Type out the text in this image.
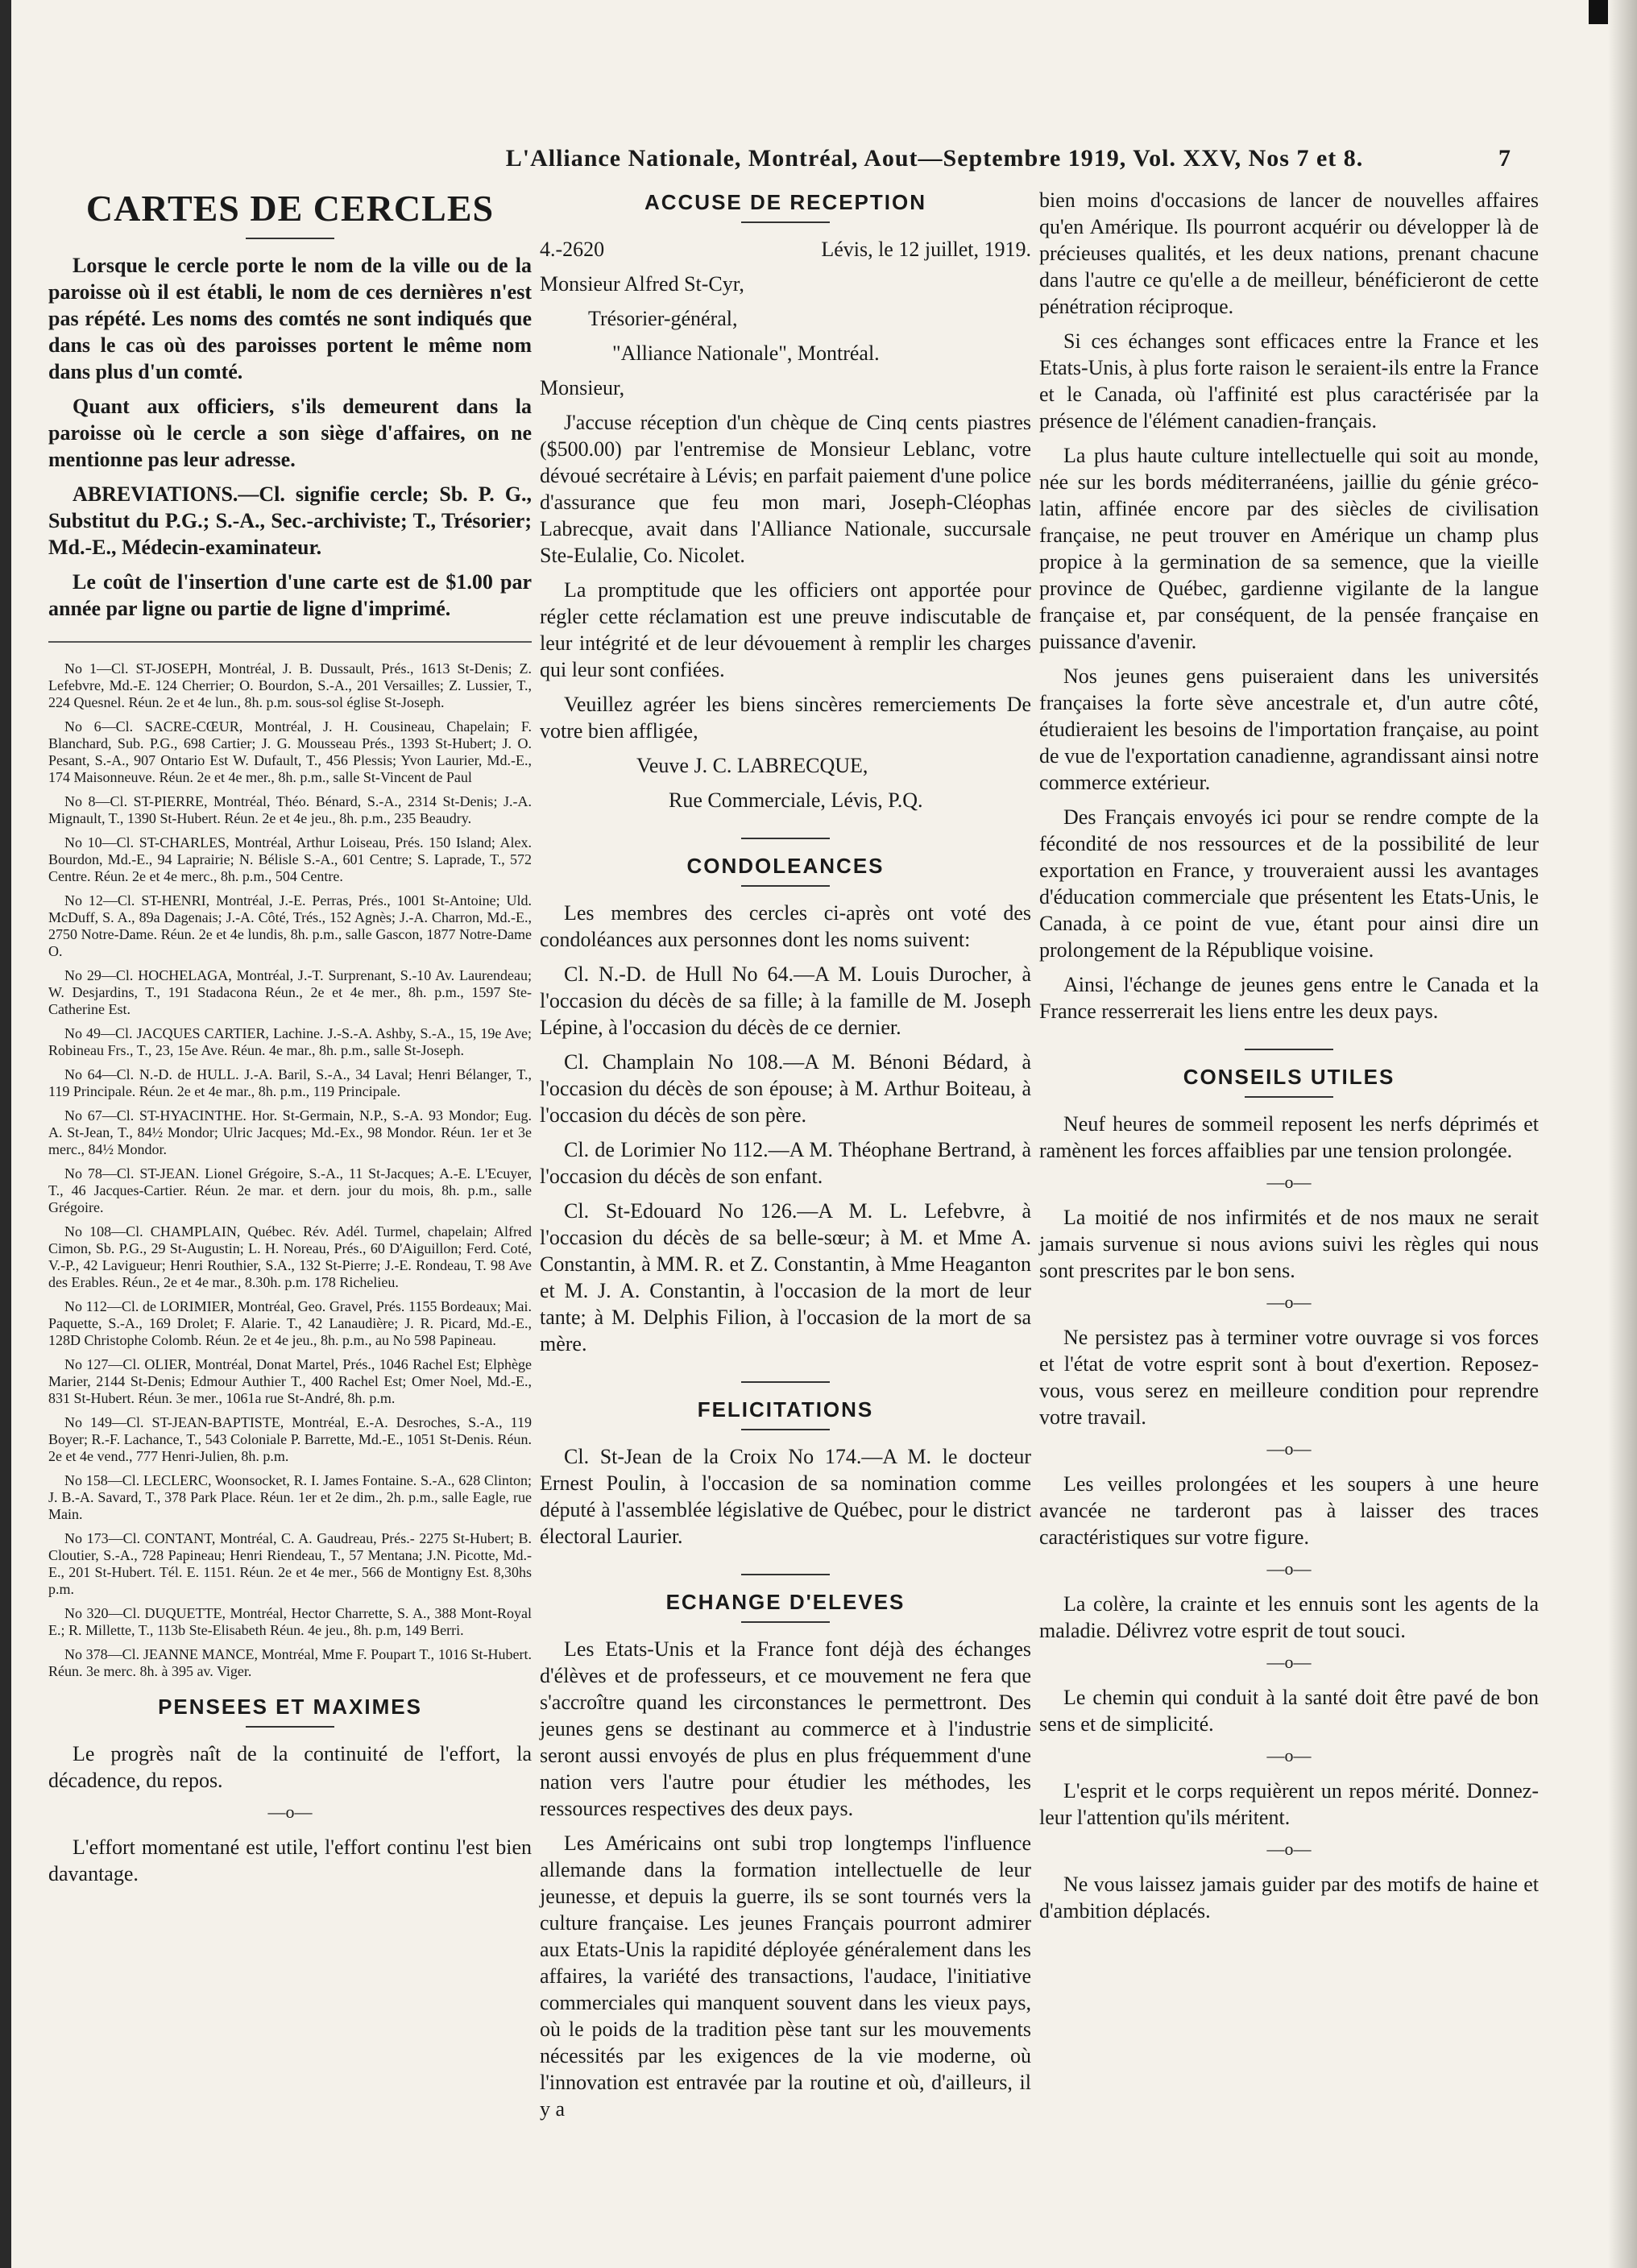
L'Alliance Nationale, Montréal, Aout—Septembre 1919, Vol. XXV, Nos 7 et 8.	7
CARTES DE CERCLES

Lorsque le cercle porte le nom de la ville ou de la paroisse où il est établi, le nom de ces dernières n'est pas répété. Les noms des comtés ne sont indiqués que dans le cas où des paroisses portent le même nom dans plus d'un comté.

Quant aux officiers, s'ils demeurent dans la paroisse où le cercle a son siège d'affaires, on ne mentionne pas leur adresse.

ABREVIATIONS.—Cl. signifie cercle; Sb. P. G., Substitut du P.G.; S.-A., Sec.-archiviste; T., Trésorier; Md.-E., Médecin-examinateur.

Le coût de l'insertion d'une carte est de $1.00 par année par ligne ou partie de ligne d'imprimé.

No 1—Cl. ST-JOSEPH, Montréal, J. B. Dussault, Prés., 1613 St-Denis; Z. Lefebvre, Md.-E. 124 Cherrier; O. Bourdon, S.-A., 201 Versailles; Z. Lussier, T., 224 Quesnel. Réun. 2e et 4e lun., 8h. p.m. sous-sol église St-Joseph.

No 6—Cl. SACRE-CŒUR, Montréal, J. H. Cousineau, Chapelain; F. Blanchard, Sub. P.G., 698 Cartier; J. G. Mousseau Prés., 1393 St-Hubert; J. O. Pesant, S.-A., 907 Ontario Est W. Dufault, T., 456 Plessis; Yvon Laurier, Md.-E., 174 Maisonneuve. Réun. 2e et 4e mer., 8h. p.m., salle St-Vincent de Paul

No 8—Cl. ST-PIERRE, Montréal, Théo. Bénard, S.-A., 2314 St-Denis; J.-A. Mignault, T., 1390 St-Hubert. Réun. 2e et 4e jeu., 8h. p.m., 235 Beaudry.

No 10—Cl. ST-CHARLES, Montréal, Arthur Loiseau, Prés. 150 Island; Alex. Bourdon, Md.-E., 94 Laprairie; N. Bélisle S.-A., 601 Centre; S. Laprade, T., 572 Centre. Réun. 2e et 4e merc., 8h. p.m., 504 Centre.

No 12—Cl. ST-HENRI, Montréal, J.-E. Perras, Prés., 1001 St-Antoine; Uld. McDuff, S. A., 89a Dagenais; J.-A. Côté, Trés., 152 Agnès; J.-A. Charron, Md.-E., 2750 Notre-Dame. Réun. 2e et 4e lundis, 8h. p.m., salle Gascon, 1877 Notre-Dame O.

No 29—Cl. HOCHELAGA, Montréal, J.-T. Surprenant, S.-10 Av. Laurendeau; W. Desjardins, T., 191 Stadacona Réun., 2e et 4e mer., 8h. p.m., 1597 Ste-Catherine Est.

No 49—Cl. JACQUES CARTIER, Lachine. J.-S.-A. Ashby, S.-A., 15, 19e Ave; Robineau Frs., T., 23, 15e Ave. Réun. 4e mar., 8h. p.m., salle St-Joseph.

No 64—Cl. N.-D. de HULL. J.-A. Baril, S.-A., 34 Laval; Henri Bélanger, T., 119 Principale. Réun. 2e et 4e mar., 8h. p.m., 119 Principale.

No 67—Cl. ST-HYACINTHE. Hor. St-Germain, N.P., S.-A. 93 Mondor; Eug. A. St-Jean, T., 84½ Mondor; Ulric Jacques; Md.-Ex., 98 Mondor. Réun. 1er et 3e merc., 84½ Mondor.

No 78—Cl. ST-JEAN. Lionel Grégoire, S.-A., 11 St-Jacques; A.-E. L'Ecuyer, T., 46 Jacques-Cartier. Réun. 2e mar. et dern. jour du mois, 8h. p.m., salle Grégoire.

No 108—Cl. CHAMPLAIN, Québec. Rév. Adél. Turmel, chapelain; Alfred Cimon, Sb. P.G., 29 St-Augustin; L. H. Noreau, Prés., 60 D'Aiguillon; Ferd. Coté, V.-P., 42 Lavigueur; Henri Routhier, S.A., 132 St-Pierre; J.-E. Rondeau, T. 98 Ave des Erables. Réun., 2e et 4e mar., 8.30h. p.m. 178 Richelieu.

No 112—Cl. de LORIMIER, Montréal, Geo. Gravel, Prés. 1155 Bordeaux; Mai. Paquette, S.-A., 169 Drolet; F. Alarie. T., 42 Lanaudière; J. R. Picard, Md.-E., 128D Christophe Colomb. Réun. 2e et 4e jeu., 8h. p.m., au No 598 Papineau.

No 127—Cl. OLIER, Montréal, Donat Martel, Prés., 1046 Rachel Est; Elphège Marier, 2144 St-Denis; Edmour Authier T., 400 Rachel Est; Omer Noel, Md.-E., 831 St-Hubert. Réun. 3e mer., 1061a rue St-André, 8h. p.m.

No 149—Cl. ST-JEAN-BAPTISTE, Montréal, E.-A. Desroches, S.-A., 119 Boyer; R.-F. Lachance, T., 543 Coloniale P. Barrette, Md.-E., 1051 St-Denis. Réun. 2e et 4e vend., 777 Henri-Julien, 8h. p.m.

No 158—Cl. LECLERC, Woonsocket, R. I. James Fontaine. S.-A., 628 Clinton; J. B.-A. Savard, T., 378 Park Place. Réun. 1er et 2e dim., 2h. p.m., salle Eagle, rue Main.

No 173—Cl. CONTANT, Montréal, C. A. Gaudreau, Prés.- 2275 St-Hubert; B. Cloutier, S.-A., 728 Papineau; Henri Riendeau, T., 57 Mentana; J.N. Picotte, Md.-E., 201 St-Hubert. Tél. E. 1151. Réun. 2e et 4e mer., 566 de Montigny Est. 8,30hs p.m.

No 320—Cl. DUQUETTE, Montréal, Hector Charrette, S. A., 388 Mont-Royal E.; R. Millette, T., 113b Ste-Elisabeth Réun. 4e jeu., 8h. p.m, 149 Berri.

No 378—Cl. JEANNE MANCE, Montréal, Mme F. Poupart T., 1016 St-Hubert. Réun. 3e merc. 8h. à 395 av. Viger.

PENSEES ET MAXIMES

Le progrès naît de la continuité de l'effort, la décadence, du repos.

—o—

L'effort momentané est utile, l'effort continu l'est bien davantage.

ACCUSE DE RECEPTION

4.-2620	Lévis, le 12 juillet, 1919.

Monsieur Alfred St-Cyr,

Trésorier-général,

"Alliance Nationale", Montréal.

Monsieur,

J'accuse réception d'un chèque de Cinq cents piastres ($500.00) par l'entremise de Monsieur Leblanc, votre dévoué secrétaire à Lévis; en parfait paiement d'une police d'assurance que feu mon mari, Joseph-Cléophas Labrecque, avait dans l'Alliance Nationale, succursale Ste-Eulalie, Co. Nicolet.

La promptitude que les officiers ont apportée pour régler cette réclamation est une preuve indiscutable de leur intégrité et de leur dévouement à remplir les charges qui leur sont confiées.

Veuillez agréer les biens sincères remerciements De votre bien affligée,

Veuve J. C. LABRECQUE,

Rue Commerciale, Lévis, P.Q.

CONDOLEANCES

Les membres des cercles ci-après ont voté des condoléances aux personnes dont les noms suivent:

Cl. N.-D. de Hull No 64.—A M. Louis Durocher, à l'occasion du décès de sa fille; à la famille de M. Joseph Lépine, à l'occasion du décès de ce dernier.

Cl. Champlain No 108.—A M. Bénoni Bédard, à l'occasion du décès de son épouse; à M. Arthur Boiteau, à l'occasion du décès de son père.

Cl. de Lorimier No 112.—A M. Théophane Bertrand, à l'occasion du décès de son enfant.

Cl. St-Edouard No 126.—A M. L. Lefebvre, à l'occasion du décès de sa belle-sœur; à M. et Mme A. Constantin, à MM. R. et Z. Constantin, à Mme Heaganton et M. J. A. Constantin, à l'occasion de la mort de leur tante; à M. Delphis Filion, à l'occasion de la mort de sa mère.

FELICITATIONS

Cl. St-Jean de la Croix No 174.—A M. le docteur Ernest Poulin, à l'occasion de sa nomination comme député à l'assemblée législative de Québec, pour le district électoral Laurier.

ECHANGE D'ELEVES

Les Etats-Unis et la France font déjà des échanges d'élèves et de professeurs, et ce mouvement ne fera que s'accroître quand les circonstances le permettront. Des jeunes gens se destinant au commerce et à l'industrie seront aussi envoyés de plus en plus fréquemment d'une nation vers l'autre pour étudier les méthodes, les ressources respectives des deux pays.

Les Américains ont subi trop longtemps l'influence allemande dans la formation intellectuelle de leur jeunesse, et depuis la guerre, ils se sont tournés vers la culture française. Les jeunes Français pourront admirer aux Etats-Unis la rapidité déployée généralement dans les affaires, la variété des transactions, l'audace, l'initiative commerciales qui manquent souvent dans les vieux pays, où le poids de la tradition pèse tant sur les mouvements nécessités par les exigences de la vie moderne, où l'innovation est entravée par la routine et où, d'ailleurs, il y a

bien moins d'occasions de lancer de nouvelles affaires qu'en Amérique. Ils pourront acquérir ou développer là de précieuses qualités, et les deux nations, prenant chacune dans l'autre ce qu'elle a de meilleur, bénéficieront de cette pénétration réciproque.

Si ces échanges sont efficaces entre la France et les Etats-Unis, à plus forte raison le seraient-ils entre la France et le Canada, où l'affinité est plus caractérisée par la présence de l'élément canadien-français.

La plus haute culture intellectuelle qui soit au monde, née sur les bords méditerranéens, jaillie du génie gréco-latin, affinée encore par des siècles de civilisation française, ne peut trouver en Amérique un champ plus propice à la germination de sa semence, que la vieille province de Québec, gardienne vigilante de la langue française et, par conséquent, de la pensée française en puissance d'avenir.

Nos jeunes gens puiseraient dans les universités françaises la forte sève ancestrale et, d'un autre côté, étudieraient les besoins de l'importation française, au point de vue de l'exportation canadienne, agrandissant ainsi notre commerce extérieur.

Des Français envoyés ici pour se rendre compte de la fécondité de nos ressources et de la possibilité de leur exportation en France, y trouveraient aussi les avantages d'éducation commerciale que présentent les Etats-Unis, le Canada, à ce point de vue, étant pour ainsi dire un prolongement de la République voisine.

Ainsi, l'échange de jeunes gens entre le Canada et la France resserrerait les liens entre les deux pays.

CONSEILS UTILES

Neuf heures de sommeil reposent les nerfs déprimés et ramènent les forces affaiblies par une tension prolongée.

—o—

La moitié de nos infirmités et de nos maux ne serait jamais survenue si nous avions suivi les règles qui nous sont prescrites par le bon sens.

—o—

Ne persistez pas à terminer votre ouvrage si vos forces et l'état de votre esprit sont à bout d'exertion. Reposez-vous, vous serez en meilleure condition pour reprendre votre travail.

—o—

Les veilles prolongées et les soupers à une heure avancée ne tarderont pas à laisser des traces caractéristiques sur votre figure.

—o—

La colère, la crainte et les ennuis sont les agents de la maladie. Délivrez votre esprit de tout souci.

—o—

Le chemin qui conduit à la santé doit être pavé de bon sens et de simplicité.

—o—

L'esprit et le corps requièrent un repos mérité. Donnez-leur l'attention qu'ils méritent.

—o—

Ne vous laissez jamais guider par des motifs de haine et d'ambition déplacés.
